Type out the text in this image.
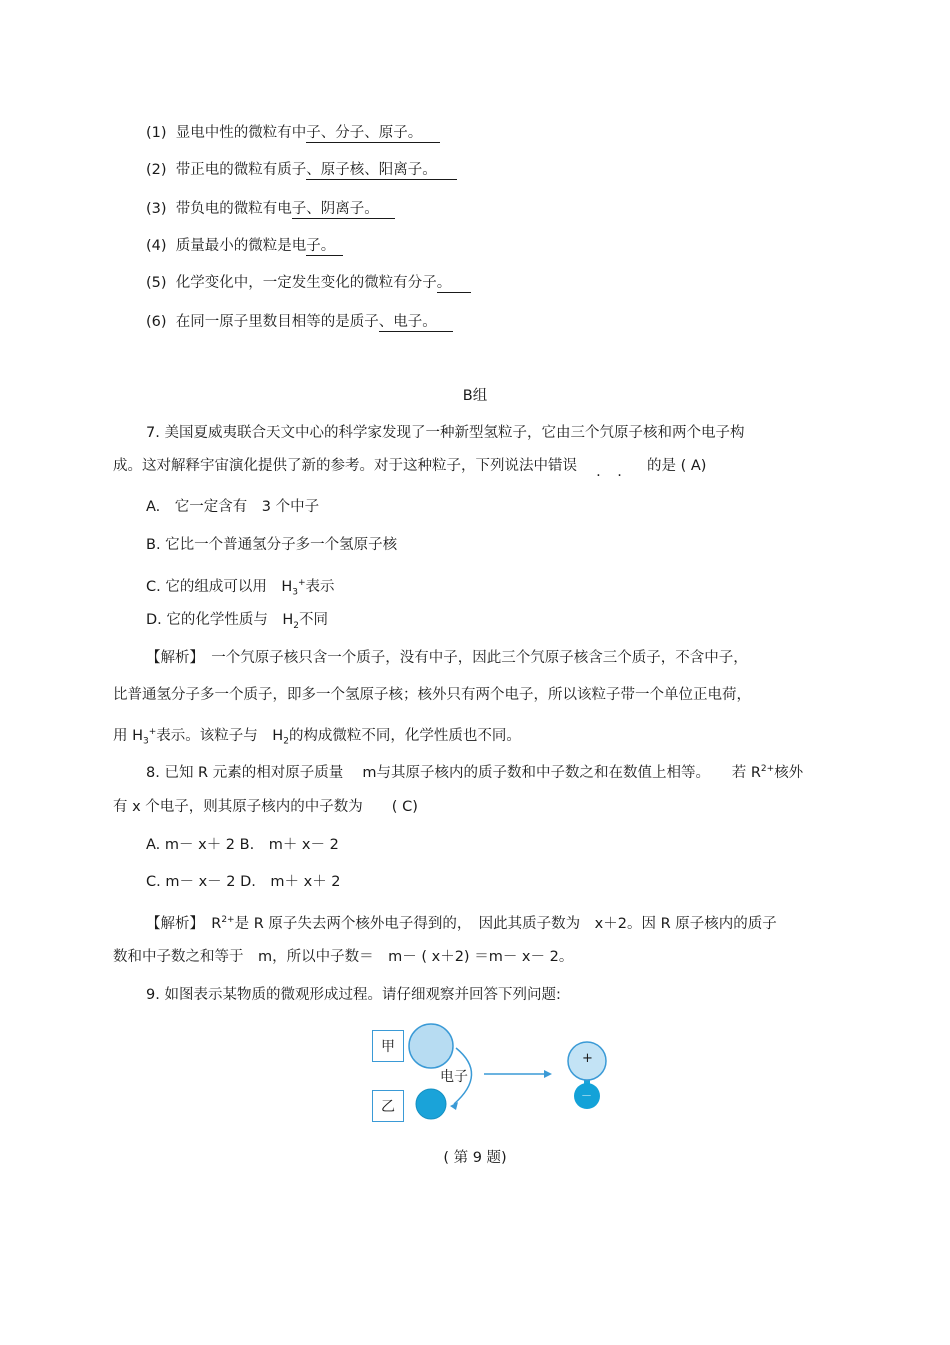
(1) 显电中性的微粒有中子、分子、原子。
(2) 带正电的微粒有质子、原子核、阳离子。
(3) 带负电的微粒有电子、阴离子。
(4) 质量最小的微粒是电子。
(5) 化学变化中，一定发生变化的微粒有分子。
(6) 在同一原子里数目相等的是质子、电子。
B组
7. 美国夏威夷联合天文中心的科学家发现了一种新型氢粒子，它由三个氕原子核和两个电子构
成。这对解释宇宙演化提供了新的参考。对于这种粒子，下列说法中错误 . . 的是 ( A)
A.　它一定含有　3 个中子
B. 它比一个普通氢分子多一个氢原子核
C. 它的组成可以用　$H_3^+$表示
D. 它的化学性质与　$H_2$不同
【解析】　一个氕原子核只含一个质子，没有中子，因此三个氕原子核含三个质子，不含中子，
比普通氢分子多一个质子，即多一个氢原子核；核外只有两个电子，所以该粒子带一个单位正电荷，
用 $H_3^+$表示。该粒子与　$H_2$的构成微粒不同，化学性质也不同。
8. 已知 R 元素的相对原子质量　 m与其原子核内的质子数和中子数之和在数值上相等。　　若 $R^{2+}$核外
有 x 个电子，则其原子核内的中子数为　　( C)
A. m－ x＋ 2 B.　m＋ x－ 2
C. m－ x－ 2 D.　m＋ x＋ 2
【解析】　$R^{2+}$是 R 原子失去两个核外电子得到的，　因此其质子数为　x＋2。因 R 原子核内的质子
数和中子数之和等于　m，所以中子数＝　m－ ( x＋2) ＝m－ x－ 2。
9. 如图表示某物质的微观形成过程。请仔细观察并回答下列问题:
甲
乙
电子
+
－
( 第 9 题)
